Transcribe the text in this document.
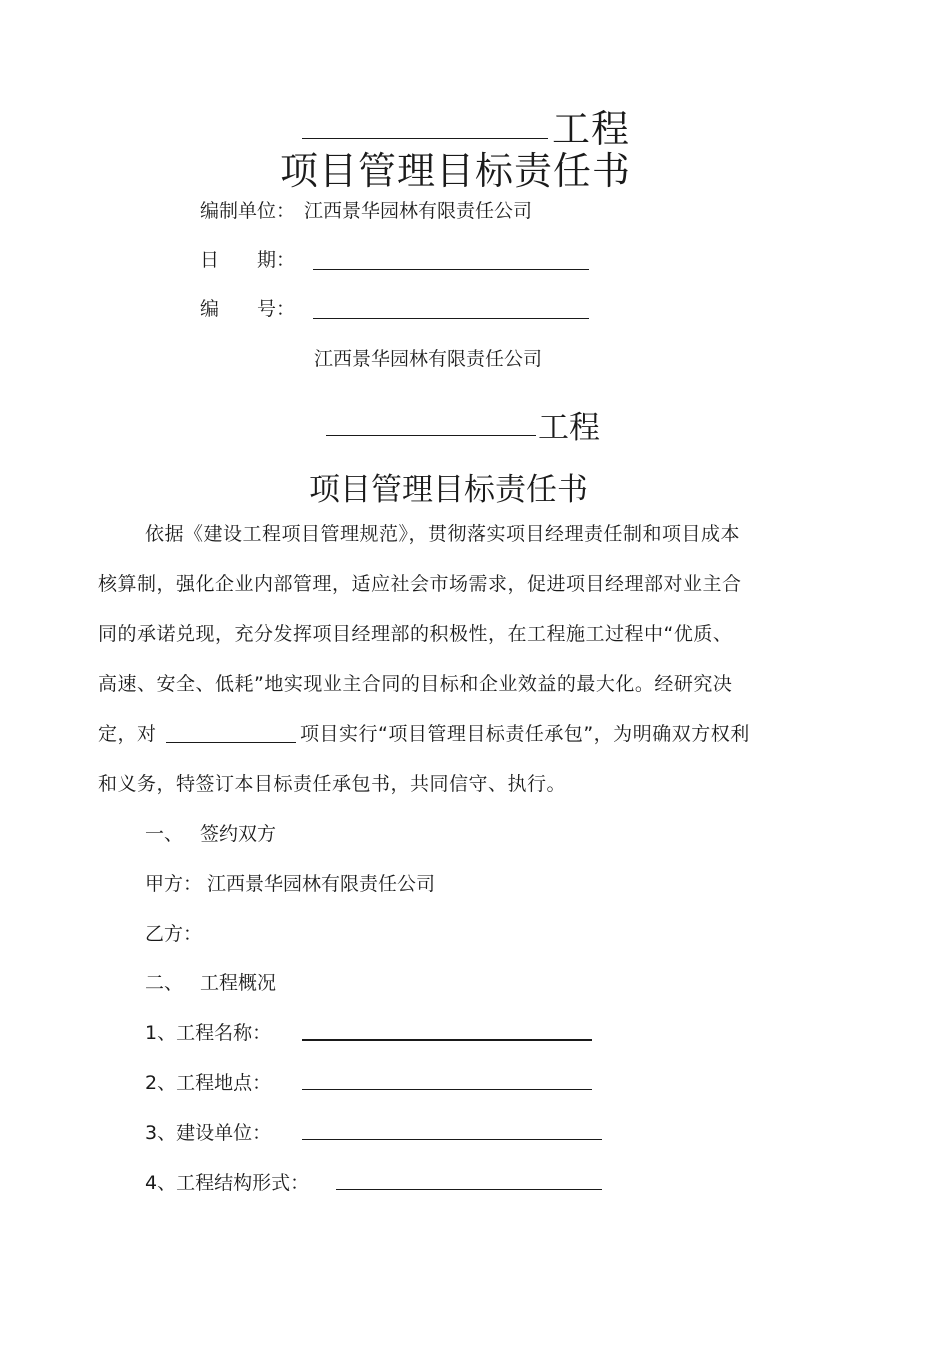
工程
项目管理目标责任书
编制单位： 江西景华园林有限责任公司
日　　期：
编　　号：
江西景华园林有限责任公司
工程
项目管理目标责任书
依据《建设工程项目管理规范》，贯彻落实项目经理责任制和项目成本
核算制，强化企业内部管理，适应社会市场需求，促进项目经理部对业主合
同的承诺兑现，充分发挥项目经理部的积极性，在工程施工过程中“优质、
高速、安全、低耗”地实现业主合同的目标和企业效益的最大化。经研究决
定，对	项目实行“项目管理目标责任承包”，为明确双方权利
和义务，特签订本目标责任承包书，共同信守、执行。
一、 签约双方
甲方： 江西景华园林有限责任公司
乙方：
二、 工程概况
1、工程名称：
2、工程地点：
3、建设单位：
4、工程结构形式：
